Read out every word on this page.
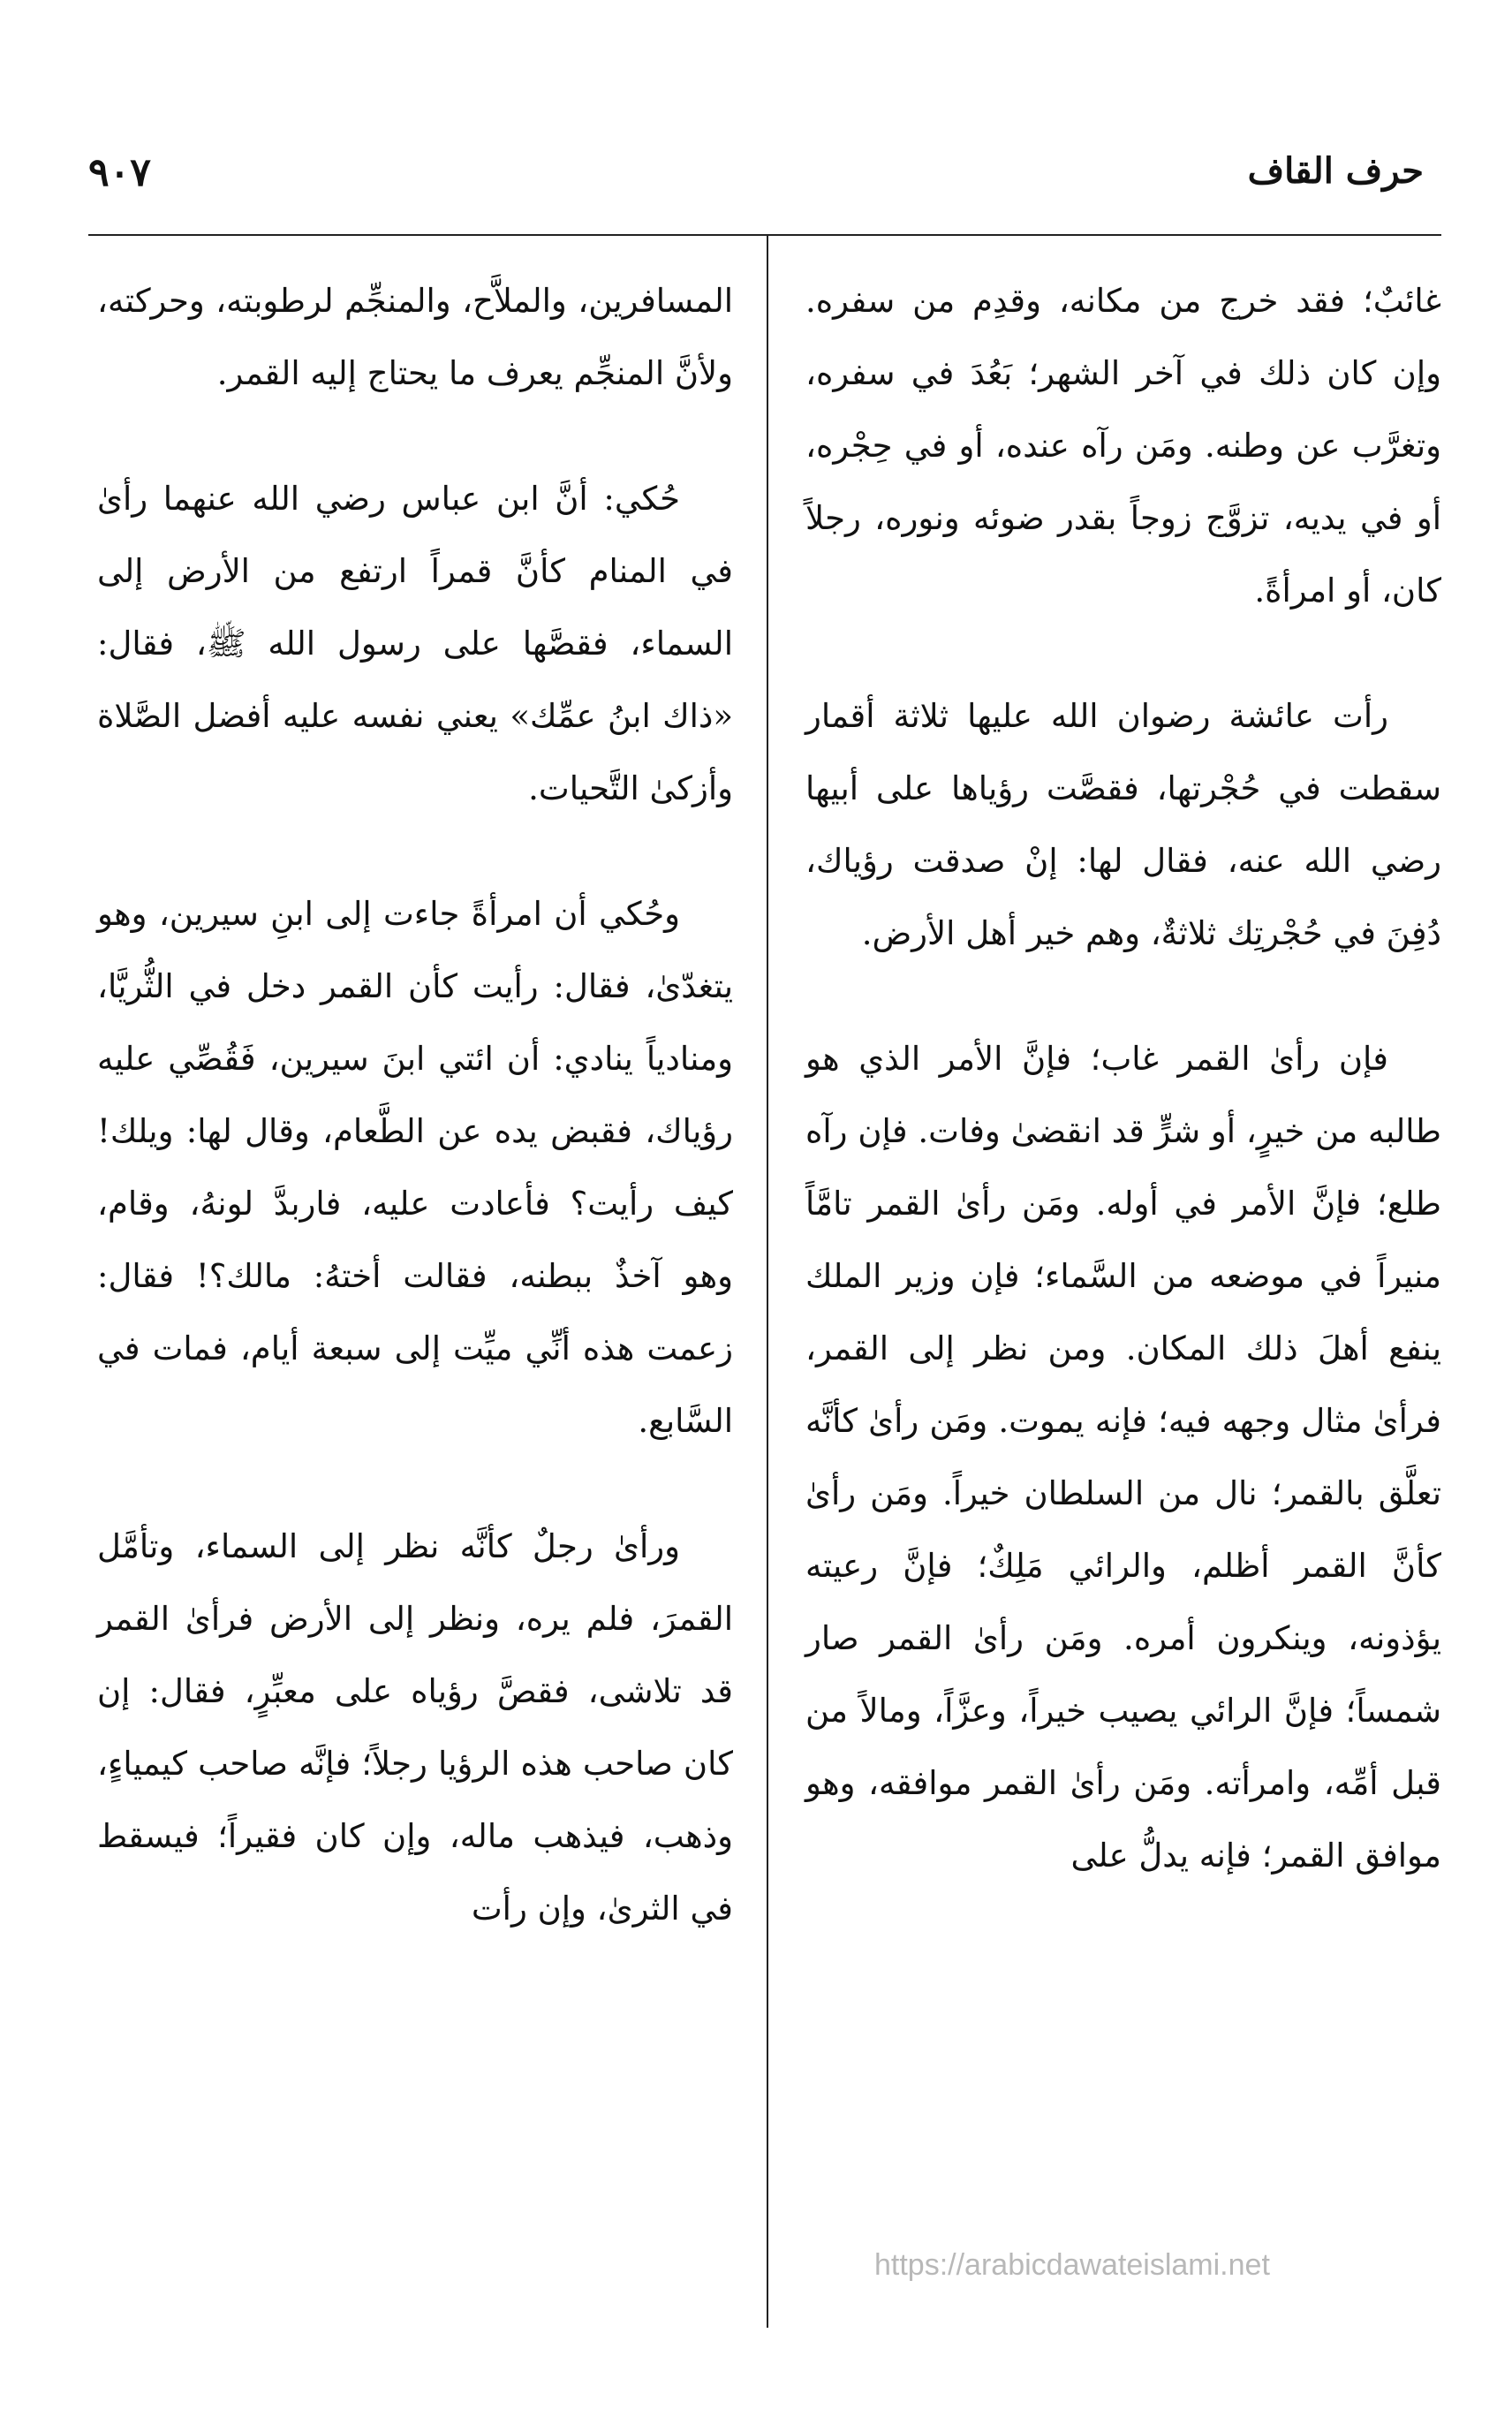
حرف القاف
٩٠٧

غائبٌ؛ فقد خرج من مكانه، وقدِم من سفره. وإن كان ذلك في آخر الشهر؛ بَعُدَ في سفره، وتغرَّب عن وطنه. ومَن رآه عنده، أو في حِجْره، أو في يديه، تزوَّج زوجاً بقدر ضوئه ونوره، رجلاً كان، أو امرأةً.

رأت عائشة رضوان الله عليها ثلاثة أقمار سقطت في حُجْرتها، فقصَّت رؤياها على أبيها رضي الله عنه، فقال لها: إنْ صدقت رؤياك، دُفِنَ في حُجْرتِك ثلاثةٌ، وهم خير أهل الأرض.

فإن رأىٰ القمر غاب؛ فإنَّ الأمر الذي هو طالبه من خيرٍ، أو شرٍّ قد انقضىٰ وفات. فإن رآه طلع؛ فإنَّ الأمر في أوله. ومَن رأىٰ القمر تامَّاً منيراً في موضعه من السَّماء؛ فإن وزير الملك ينفع أهلَ ذلك المكان. ومن نظر إلى القمر، فرأىٰ مثال وجهه فيه؛ فإنه يموت. ومَن رأىٰ كأنَّه تعلَّق بالقمر؛ نال من السلطان خيراً. ومَن رأىٰ كأنَّ القمر أظلم، والرائي مَلِكٌ؛ فإنَّ رعيته يؤذونه، وينكرون أمره. ومَن رأىٰ القمر صار شمساً؛ فإنَّ الرائي يصيب خيراً، وعزَّاً، ومالاً من قبل أمِّه، وامرأته. ومَن رأىٰ القمر موافقه، وهو موافق القمر؛ فإنه يدلُّ على

المسافرين، والملاَّح، والمنجِّم لرطوبته، وحركته، ولأنَّ المنجِّم يعرف ما يحتاج إليه القمر.

حُكي: أنَّ ابن عباس رضي الله عنهما رأىٰ في المنام كأنَّ قمراً ارتفع من الأرض إلى السماء، فقصَّها على رسول الله ﷺ، فقال: «ذاك ابنُ عمِّك» يعني نفسه عليه أفضل الصَّلاة وأزكىٰ التَّحيات.

وحُكي أن امرأةً جاءت إلى ابنِ سيرين، وهو يتغدّىٰ، فقال: رأيت كأن القمر دخل في الثُّريَّا، ومنادياً ينادي: أن ائتي ابنَ سيرين، فَقُصِّي عليه رؤياك، فقبض يده عن الطَّعام، وقال لها: ويلك! كيف رأيت؟ فأعادت عليه، فاربدَّ لونهُ، وقام، وهو آخذٌ ببطنه، فقالت أختهُ: مالك؟! فقال: زعمت هذه أنِّي ميِّت إلى سبعة أيام، فمات في السَّابع.

ورأىٰ رجلٌ كأنَّه نظر إلى السماء، وتأمَّل القمرَ، فلم يره، ونظر إلى الأرض فرأىٰ القمر قد تلاشى، فقصَّ رؤياه على معبِّرٍ، فقال: إن كان صاحب هذه الرؤيا رجلاً؛ فإنَّه صاحب كيمياءٍ، وذهب، فيذهب ماله، وإن كان فقيراً؛ فيسقط في الثرىٰ، وإن رأت

https://arabicdawateislami.net
